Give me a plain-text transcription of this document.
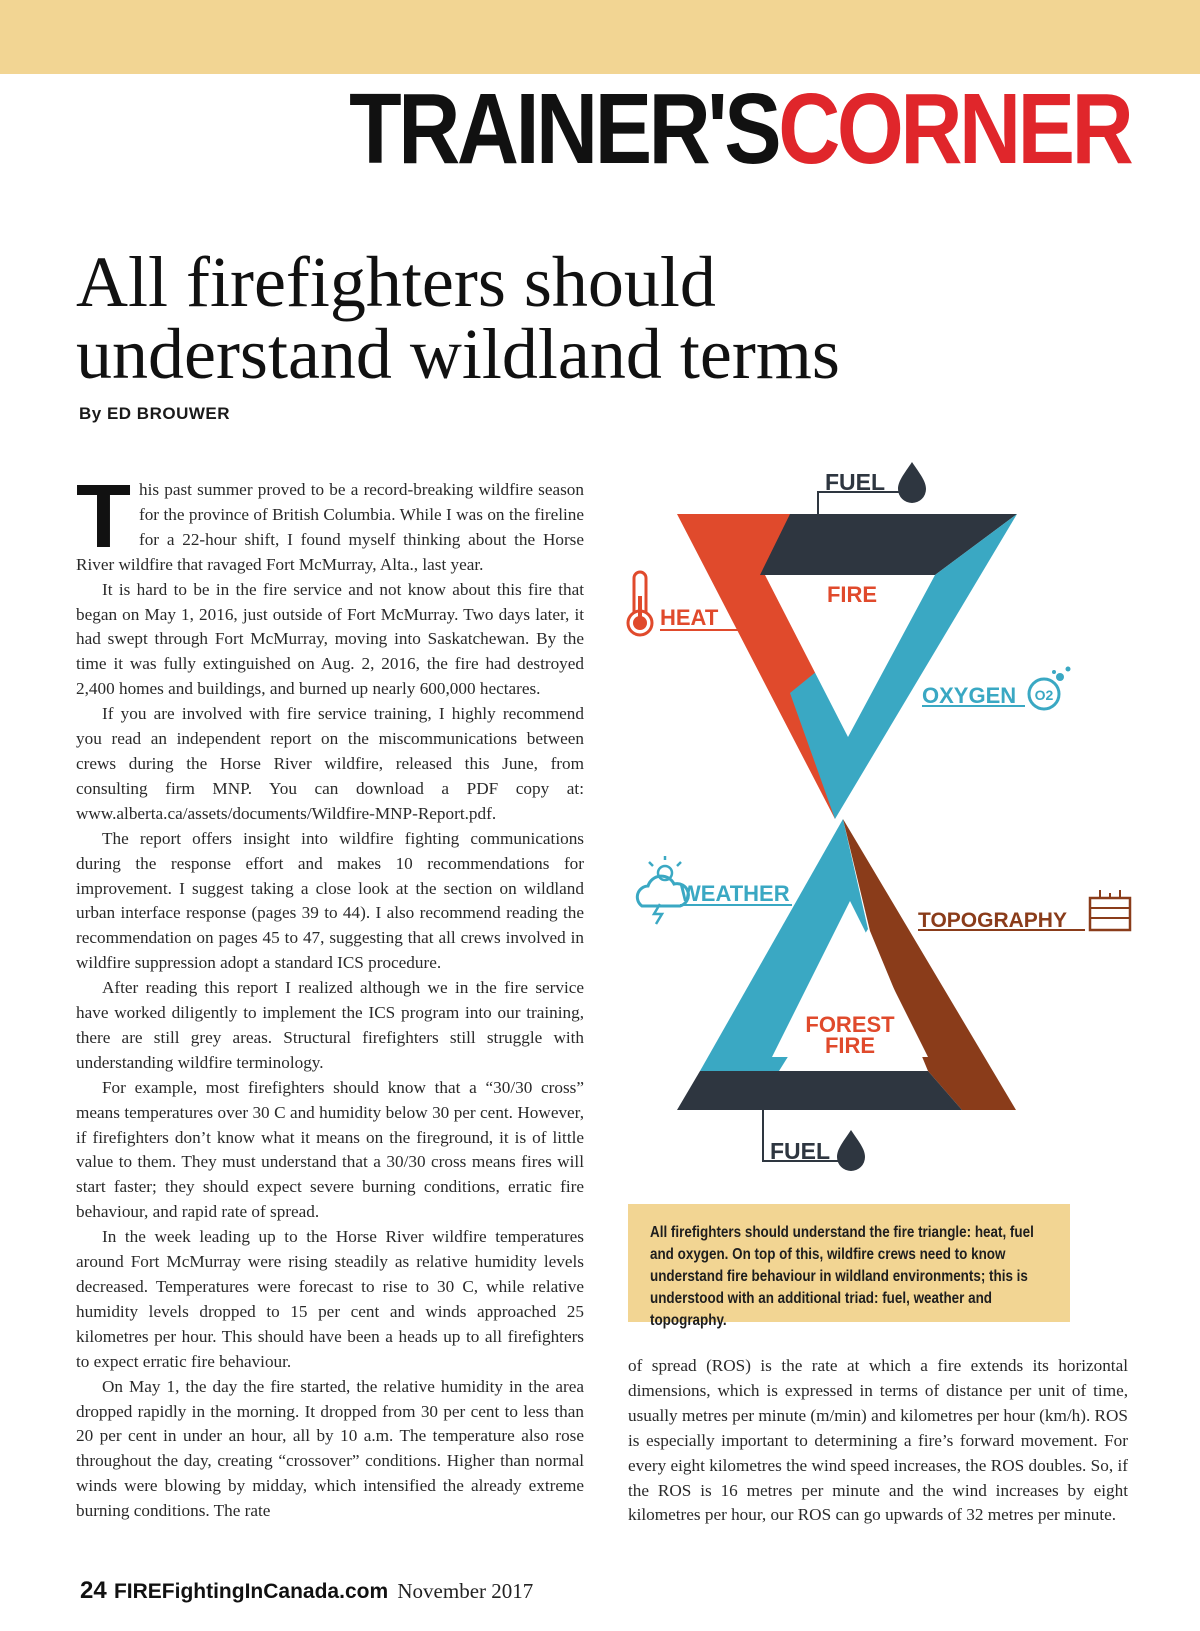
TRAINER'SCORNER
All firefighters should
understand wildland terms
By ED BROUWER

This past summer proved to be a record-breaking wildfire season for the province of British Columbia. While I was on the fireline for a 22-hour shift, I found myself thinking about the Horse River wildfire that ravaged Fort McMurray, Alta., last year.

It is hard to be in the fire service and not know about this fire that began on May 1, 2016, just outside of Fort McMurray. Two days later, it had swept through Fort McMurray, moving into Saskatchewan. By the time it was fully extinguished on Aug. 2, 2016, the fire had destroyed 2,400 homes and buildings, and burned up nearly 600,000 hectares.

If you are involved with fire service training, I highly recommend you read an independent report on the miscommunications between crews during the Horse River wildfire, released this June, from consulting firm MNP. You can download a PDF copy at: www.alberta.ca/assets/documents/Wildfire-MNP-Report.pdf.

The report offers insight into wildfire fighting communications during the response effort and makes 10 recommendations for improvement. I suggest taking a close look at the section on wildland urban interface response (pages 39 to 44). I also recommend reading the recommendation on pages 45 to 47, suggesting that all crews involved in wildfire suppression adopt a standard ICS procedure.

After reading this report I realized although we in the fire service have worked diligently to implement the ICS program into our training, there are still grey areas. Structural firefighters still struggle with understanding wildfire terminology.

For example, most firefighters should know that a “30/30 cross” means temperatures over 30 C and humidity below 30 per cent. However, if firefighters don’t know what it means on the fireground, it is of little value to them. They must understand that a 30/30 cross means fires will start faster; they should expect severe burning conditions, erratic fire behaviour, and rapid rate of spread.

In the week leading up to the Horse River wildfire temperatures around Fort McMurray were rising steadily as relative humidity levels decreased. Temperatures were forecast to rise to 30 C, while relative humidity levels dropped to 15 per cent and winds approached 25 kilometres per hour. This should have been a heads up to all firefighters to expect erratic fire behaviour.

On May 1, the day the fire started, the relative humidity in the area dropped rapidly in the morning. It dropped from 30 per cent to less than 20 per cent in under an hour, all by 10 a.m. The temperature also rose throughout the day, creating “crossover” conditions. Higher than normal winds were blowing by midday, which intensified the already extreme burning conditions. The rate

FUEL
HEAT
FIRE
OXYGEN O2
WEATHER
TOPOGRAPHY
FOREST
FIRE
FUEL
All firefighters should understand the fire triangle: heat, fuel and oxygen. On top of this, wildfire crews need to know understand fire behaviour in wildland environments; this is understood with an additional triad: fuel, weather and topography.

of spread (ROS) is the rate at which a fire extends its horizontal dimensions, which is expressed in terms of distance per unit of time, usually metres per minute (m/min) and kilometres per hour (km/h). ROS is especially important to determining a fire’s forward movement. For every eight kilometres the wind speed increases, the ROS doubles. So, if the ROS is 16 metres per minute and the wind increases by eight kilometres per hour, our ROS can go upwards of 32 metres per minute.

24 FIREFightingInCanada.com November 2017
